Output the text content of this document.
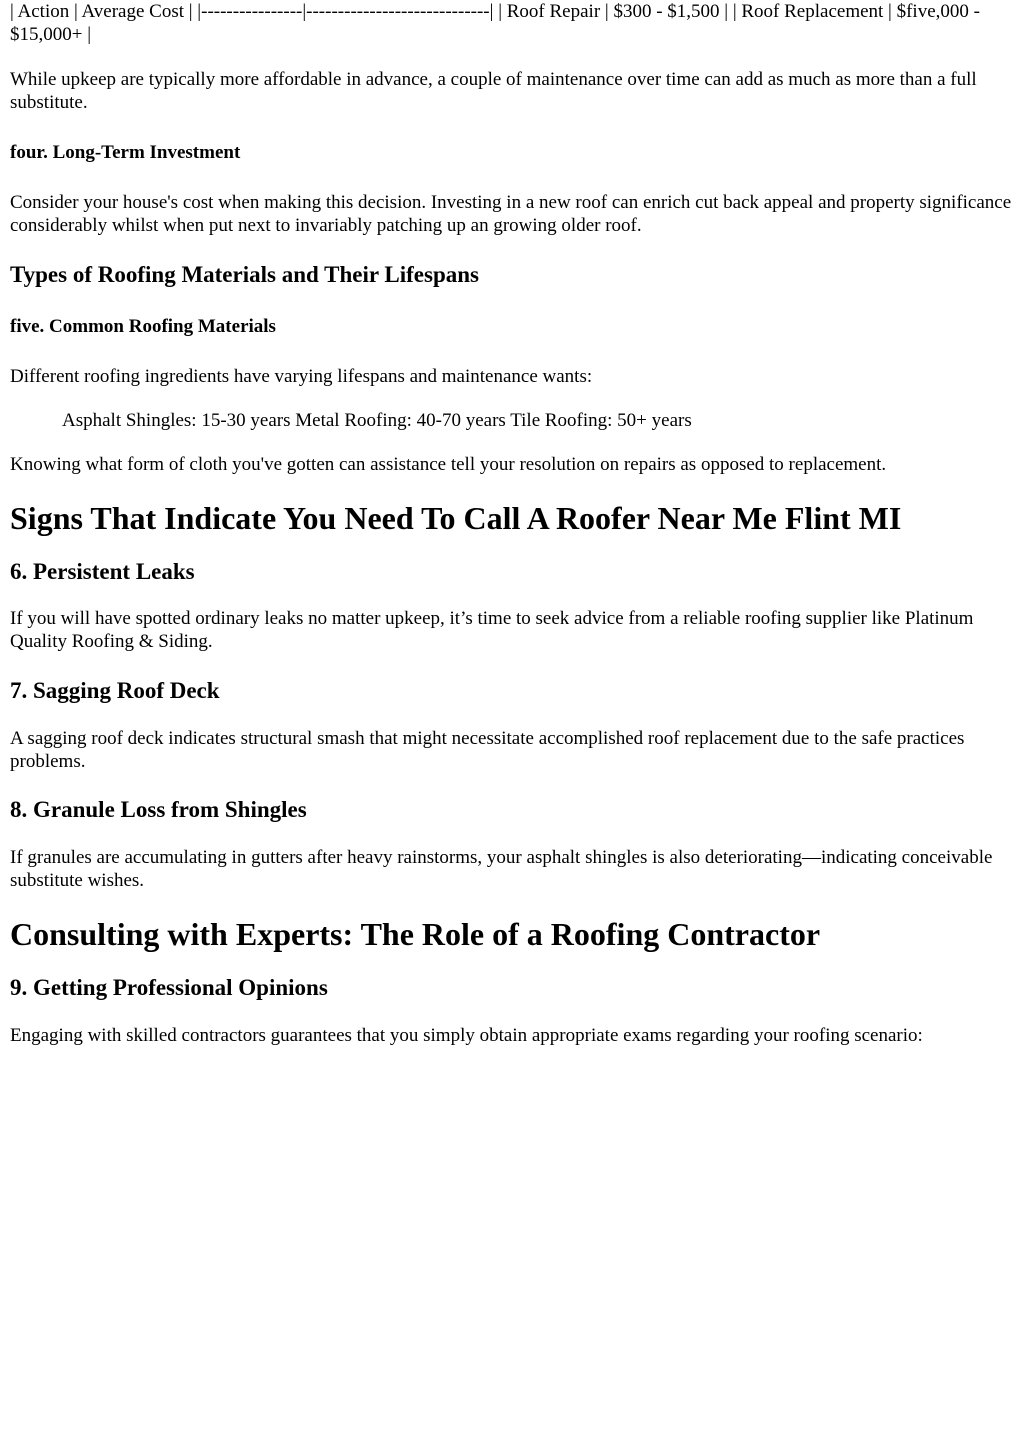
| Action | Average Cost | |----------------|-----------------------------| | Roof Repair | $300 - $1,500 | | Roof Replacement | $five,000 - $15,000+ |

While upkeep are typically more affordable in advance, a couple of maintenance over time can add as much as more than a full substitute.

four. Long-Term Investment

Consider your house's cost when making this decision. Investing in a new roof can enrich cut back appeal and property significance considerably whilst when put next to invariably patching up an growing older roof.

Types of Roofing Materials and Their Lifespans
five. Common Roofing Materials

Different roofing ingredients have varying lifespans and maintenance wants:

Asphalt Shingles: 15-30 years Metal Roofing: 40-70 years Tile Roofing: 50+ years

Knowing what form of cloth you've gotten can assistance tell your resolution on repairs as opposed to replacement.

Signs That Indicate You Need To Call A Roofer Near Me Flint MI
6. Persistent Leaks

If you will have spotted ordinary leaks no matter upkeep, it’s time to seek advice from a reliable roofing supplier like Platinum Quality Roofing & Siding.

7. Sagging Roof Deck

A sagging roof deck indicates structural smash that might necessitate accomplished roof replacement due to the safe practices problems.

8. Granule Loss from Shingles

If granules are accumulating in gutters after heavy rainstorms, your asphalt shingles is also deteriorating—indicating conceivable substitute wishes.

Consulting with Experts: The Role of a Roofing Contractor
9. Getting Professional Opinions

Engaging with skilled contractors guarantees that you simply obtain appropriate exams regarding your roofing scenario:
